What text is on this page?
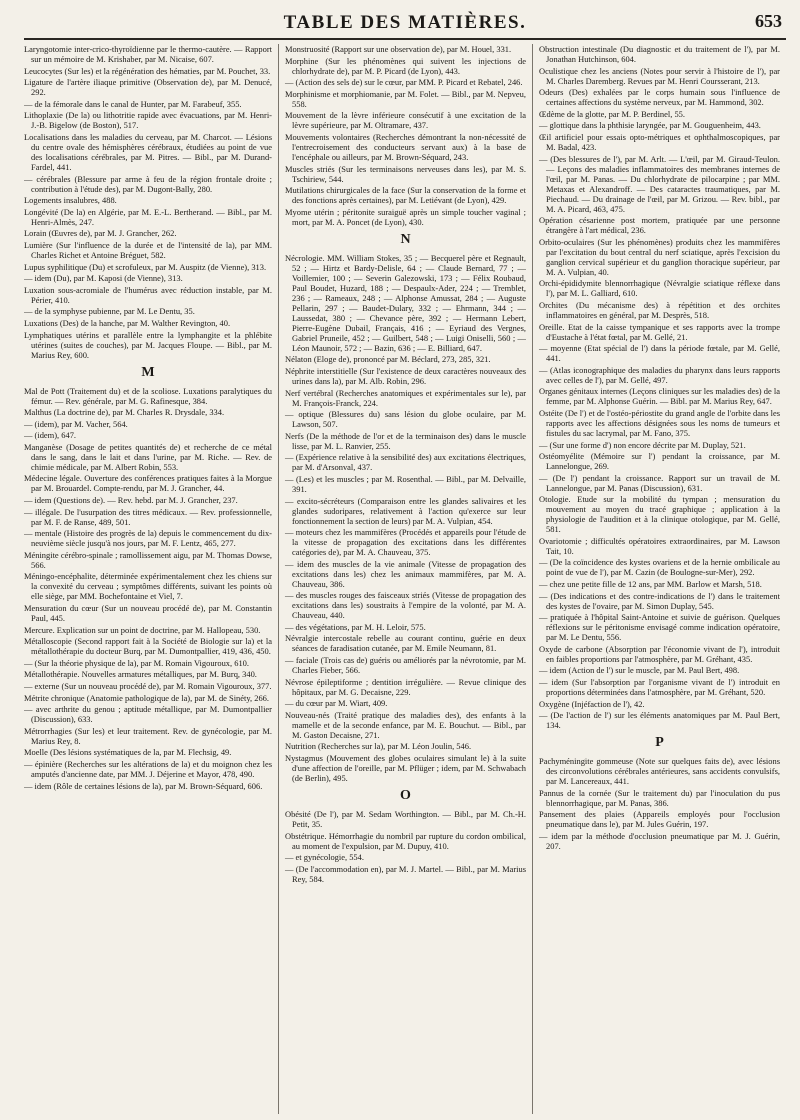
TABLE DES MATIÈRES.	653
Laryngotomie inter-crico-thyroïdienne par le thermo-cautère. — Rapport sur un mémoire de M. Krishaber, par M. Nicaise, 607.
Leucocytes (Sur les) et la régénération des hématies, par M. Pouchet, 33.
Ligature de l'artère iliaque primitive (Observation de), par M. Denucé, 292.
— de la fémorale dans le canal de Hunter, par M. Farabeuf, 355.
Lithoplaxie (De la) ou lithotritie rapide avec évacuations, par M. Henri-J.-B. Bigelow (de Boston), 517.
Localisations dans les maladies du cerveau, par M. Charcot. — Lésions du centre ovale des hémisphères cérébraux, étudiées au point de vue des localisations cérébrales, par M. Pitres. — Bibl., par M. Durand-Fardel, 441.
— cérébrales (Blessure par arme à feu de la région frontale droite ; contribution à l'étude des), par M. Dugont-Bally, 280.
Logements insalubres, 488.
Longévité (De la) en Algérie, par M. E.-L. Bertherand. — Bibl., par M. Henri-Almès, 247.
Lorain (Œuvres de), par M. J. Grancher, 262.
Lumière (Sur l'influence de la durée et de l'intensité de la), par MM. Charles Richet et Antoine Bréguet, 582.
Lupus syphilitique (Du) et scrofuleux, par M. Auspitz (de Vienne), 313.
— idem (Du), par M. Kaposi (de Vienne), 313.
Luxation sous-acromiale de l'humérus avec réduction instable, par M. Périer, 410.
— de la symphyse pubienne, par M. Le Dentu, 35.
Luxations (Des) de la hanche, par M. Walther Revington, 40.
Lymphatiques utérins et parallèle entre la lymphangite et la phlébite utérines (suites de couches), par M. Jacques Floupe. — Bibl., par M. Marius Rey, 600.
M
Mal de Pott (Traitement du) et de la scoliose. Luxations paralytiques du fémur. — Rev. générale, par M. G. Rafinesque, 384.
Malthus (La doctrine de), par M. Charles R. Drysdale, 334.
— (idem), par M. Vacher, 564.
— (idem), 647.
Manganèse (Dosage de petites quantités de) et recherche de ce métal dans le sang, dans le lait et dans l'urine, par M. Riche. — Rev. de chimie médicale, par M. Albert Robin, 553.
Médecine légale. Ouverture des conférences pratiques faites à la Morgue par M. Brouardel. Compte-rendu, par M. J. Grancher, 44.
— idem (Questions de). — Rev. hebd. par M. J. Grancher, 237.
— illégale. De l'usurpation des titres médicaux. — Rev. professionnelle, par M. F. de Ranse, 489, 501.
— mentale (Histoire des progrès de la) depuis le commencement du dix-neuvième siècle jusqu'à nos jours, par M. F. Lentz, 465, 277.
Méningite cérébro-spinale ; ramollissement aigu, par M. Thomas Dowse, 566.
Méningo-encéphalite, déterminée expérimentalement chez les chiens sur la convexité du cerveau ; symptômes différents, suivant les points où elle siège, par MM. Bochefontaine et Viel, 7.
Mensuration du cœur (Sur un nouveau procédé de), par M. Constantin Paul, 445.
Mercure. Explication sur un point de doctrine, par M. Hallopeau, 530.
Métalloscopie (Second rapport fait à la Société de Biologie sur la) et la métallothérapie du docteur Burq, par M. Dumontpallier, 419, 436, 450.
— (Sur la théorie physique de la), par M. Romain Vigouroux, 610.
Métallothérapie. Nouvelles armatures métalliques, par M. Burq, 340.
— externe (Sur un nouveau procédé de), par M. Romain Vigouroux, 377.
Métrite chronique (Anatomie pathologique de la), par M. de Sinéty, 266.
— avec arthrite du genou ; aptitude métallique, par M. Dumontpallier (Discussion), 633.
Métrorrhagies (Sur les) et leur traitement. Rev. de gynécologie, par M. Marius Rey, 8.
Moelle (Des lésions systématiques de la, par M. Flechsig, 49.
— épinière (Recherches sur les altérations de la) et du moignon chez les amputés d'ancienne date, par MM. J. Déjerine et Mayor, 478, 490.
— idem (Rôle de certaines lésions de la), par M. Brown-Séquard, 606.
Monstruosité (Rapport sur une observation de), par M. Houel, 331.
Morphine (Sur les phénomènes qui suivent les injections de chlorhydrate de), par M. P. Picard (de Lyon), 443.
— (Action des sels de) sur le cœur, par MM. P. Picard et Rebatel, 246.
Morphinisme et morphiomanie, par M. Folet. — Bibl., par M. Nepveu, 558.
Mouvement de la lèvre inférieure consécutif à une excitation de la lèvre supérieure, par M. Oltramare, 437.
Mouvements volontaires (Recherches démontrant la non-nécessité de l'entrecroisement des conducteurs servant aux) à la base de l'encéphale ou ailleurs, par M. Brown-Séquard, 243.
Muscles striés (Sur les terminaisons nerveuses dans les), par M. S. Tschiriew, 544.
Mutilations chirurgicales de la face (Sur la conservation de la forme et des fonctions après certaines), par M. Letiévant (de Lyon), 429.
Myome utérin ; péritonite suraiguë après un simple toucher vaginal ; mort, par M. A. Poncet (de Lyon), 430.
N
Nécrologie. MM. William Stokes, 35 ; — Becquerel père et Regnault, 52 ; — Hirtz et Bardy-Delisle, 64 ; — Claude Bernard, 77 ; — Voillemier, 100 ; — Severin Galezowski, 173 ; — Félix Roubaud, Paul Boudet, Huzard, 188 ; — Despaulx-Ader, 224 ; — Tremblet, 236 ; — Rameaux, 248 ; — Alphonse Amussat, 284 ; — Auguste Pellarin, 297 ; — Baudet-Dulary, 332 ; — Ehrmann, 344 ; — Laussedat, 380 ; — Chevance père, 392 ; — Hermann Lebert, Pierre-Eugène Dubail, Français, 416 ; — Eyriaud des Vergnes, Gabriel Pruneile, 452 ; — Guilbert, 548 ; — Luigi Oniselli, 560 ; — Léon Maunoir, 572 ; — Bazin, 636 ; — E. Billiard, 647.
Nélaton (Eloge de), prononcé par M. Béclard, 273, 285, 321.
Néphrite interstitielle (Sur l'existence de deux caractères nouveaux des urines dans la), par M. Alb. Robin, 296.
Nerf vertébral (Recherches anatomiques et expérimentales sur le), par M. François-Franck, 224.
— optique (Blessures du) sans lésion du globe oculaire, par M. Lawson, 507.
Nerfs (De la méthode de l'or et de la terminaison des) dans le muscle lisse, par M. L. Ranvier, 255.
— (Expérience relative à la sensibilité des) aux excitations électriques, par M. d'Arsonval, 437.
— (Les) et les muscles ; par M. Rosenthal. — Bibl., par M. Delvaille, 391.
— excito-sécréteurs (Comparaison entre les glandes salivaires et les glandes sudoripares, relativement à l'action qu'exerce sur leur fonctionnement la section de leurs) par M. A. Vulpian, 454.
— moteurs chez les mammifères (Procédés et appareils pour l'étude de la vitesse de propagation des excitations dans les différentes catégories de), par M. A. Chauveau, 375.
— idem des muscles de la vie animale (Vitesse de propagation des excitations dans les) chez les animaux mammifères, par M. A. Chauveau, 386.
— des muscles rouges des faisceaux striés (Vitesse de propagation des excitations dans les) soustraits à l'empire de la volonté, par M. A. Chauveau, 440.
— des végétations, par M. H. Leloir, 575.
Névralgie intercostale rebelle au courant continu, guérie en deux séances de faradisation cutanée, par M. Emile Neumann, 81.
— faciale (Trois cas de) guéris ou améliorés par la névrotomie, par M. Charles Fieber, 566.
Névrose épileptiforme ; dentition irrégulière. — Revue clinique des hôpitaux, par M. G. Decaisne, 229.
— du cœur par M. Wiart, 409.
Nouveau-nés (Traité pratique des maladies des), des enfants à la mamelle et de la seconde enfance, par M. E. Bouchut. — Bibl., par M. Gaston Decaisne, 271.
Nutrition (Recherches sur la), par M. Léon Joulin, 546.
Nystagmus (Mouvement des globes oculaires simulant le) à la suite d'une affection de l'oreille, par M. Pflüger ; idem, par M. Schwabach (de Berlin), 495.
O
Obésité (De l'), par M. Sedam Worthington. — Bibl., par M. Ch.-H. Petit, 35.
Obstétrique. Hémorrhagie du nombril par rupture du cordon ombilical, au moment de l'expulsion, par M. Dupuy, 410.
— et gynécologie, 554.
— (De l'accommodation en), par M. J. Martel. — Bibl., par M. Marius Rey, 584.
Obstruction intestinale (Du diagnostic et du traitement de l'), par M. Jonathan Hutchinson, 604.
Oculistique chez les anciens (Notes pour servir à l'histoire de l'), par M. Charles Daremberg. Revues par M. Henri Coursserant, 213.
Odeurs (Des) exhalées par le corps humain sous l'influence de certaines affections du système nerveux, par M. Hammond, 302.
Œdème de la glotte, par M. P. Berdinel, 55.
— glottique dans la phthisie laryngée, par M. Gouguenheim, 443.
Œil artificiel pour essais opto-métriques et ophthalmoscopiques, par M. Badal, 423.
— (Des blessures de l'), par M. Arlt. — L'œil, par M. Giraud-Teulon. — Leçons des maladies inflammatoires des membranes internes de l'œil, par M. Panas. — Du chlorhydrate de pilocarpine ; par MM. Metaxas et Alexandroff. — Des cataractes traumatiques, par M. Piechaud. — Du drainage de l'œil, par M. Grizou. — Rev. bibl., par M. A. Picard, 463, 475.
Opération césarienne post mortem, pratiquée par une personne étrangère à l'art médical, 236.
Orbito-oculaires (Sur les phénomènes) produits chez les mammifères par l'excitation du bout central du nerf sciatique, après l'excision du ganglion cervical supérieur et du ganglion thoracique supérieur, par M. A. Vulpian, 40.
Orchi-épididymite blennorrhagique (Névralgie sciatique réflexe dans l'), par M. L. Galliard, 610.
Orchites (Du mécanisme des) à répétition et des orchites inflammatoires en général, par M. Desprès, 518.
Oreille. Etat de la caisse tympanique et ses rapports avec la trompe d'Eustache à l'état fœtal, par M. Gellé, 21.
— moyenne (Etat spécial de l') dans la période fœtale, par M. Gellé, 441.
— (Atlas iconographique des maladies du pharynx dans leurs rapports avec celles de l'), par M. Gellé, 497.
Organes génitaux internes (Leçons cliniques sur les maladies des) de la femme, par M. Alphonse Guérin. — Bibl. par M. Marius Rey, 647.
Ostéite (De l') et de l'ostéo-périostite du grand angle de l'orbite dans les rapports avec les affections désignées sous les noms de tumeurs et fistules du sac lacrymal, par M. Fano, 375.
— (Sur une forme d') non encore décrite par M. Duplay, 521.
Ostéomyélite (Mémoire sur l') pendant la croissance, par M. Lannelongue, 269.
— (De l') pendant la croissance. Rapport sur un travail de M. Lannelongue, par M. Panas (Discussion), 631.
Otologie. Etude sur la mobilité du tympan ; mensuration du mouvement au moyen du tracé graphique ; application à la physiologie de l'audition et à la clinique otologique, par M. Gellé, 581.
Ovariotomie ; difficultés opératoires extraordinaires, par M. Lawson Tait, 10.
— (De la coïncidence des kystes ovariens et de la hernie ombilicale au point de vue de l'), par M. Cazin (de Boulogne-sur-Mer), 292.
— chez une petite fille de 12 ans, par MM. Barlow et Marsh, 518.
— (Des indications et des contre-indications de l') dans le traitement des kystes de l'ovaire, par M. Simon Duplay, 545.
— pratiquée à l'hôpital Saint-Antoine et suivie de guérison. Quelques réflexions sur le péritonisme envisagé comme indication opératoire, par M. Le Dentu, 556.
Oxyde de carbone (Absorption par l'économie vivant de l'), introduit en faibles proportions par l'atmosphère, par M. Gréhant, 435.
— idem (Action de l') sur le muscle, par M. Paul Bert, 498.
— idem (Sur l'absorption par l'organisme vivant de l') introduit en proportions déterminées dans l'atmosphère, par M. Gréhant, 520.
Oxygène (Injéfaction de l'), 42.
— (De l'action de l') sur les éléments anatomiques par M. Paul Bert, 134.
P
Pachyméningite gommeuse (Note sur quelques faits de), avec lésions des circonvolutions cérébrales antérieures, sans accidents convulsifs, par M. Lancereaux, 441.
Pannus de la cornée (Sur le traitement du) par l'inoculation du pus blennorrhagique, par M. Panas, 386.
Pansement des plaies (Appareils employés pour l'occlusion pneumatique dans le), par M. Jules Guérin, 197.
— idem par la méthode d'occlusion pneumatique par M. J. Guérin, 207.
